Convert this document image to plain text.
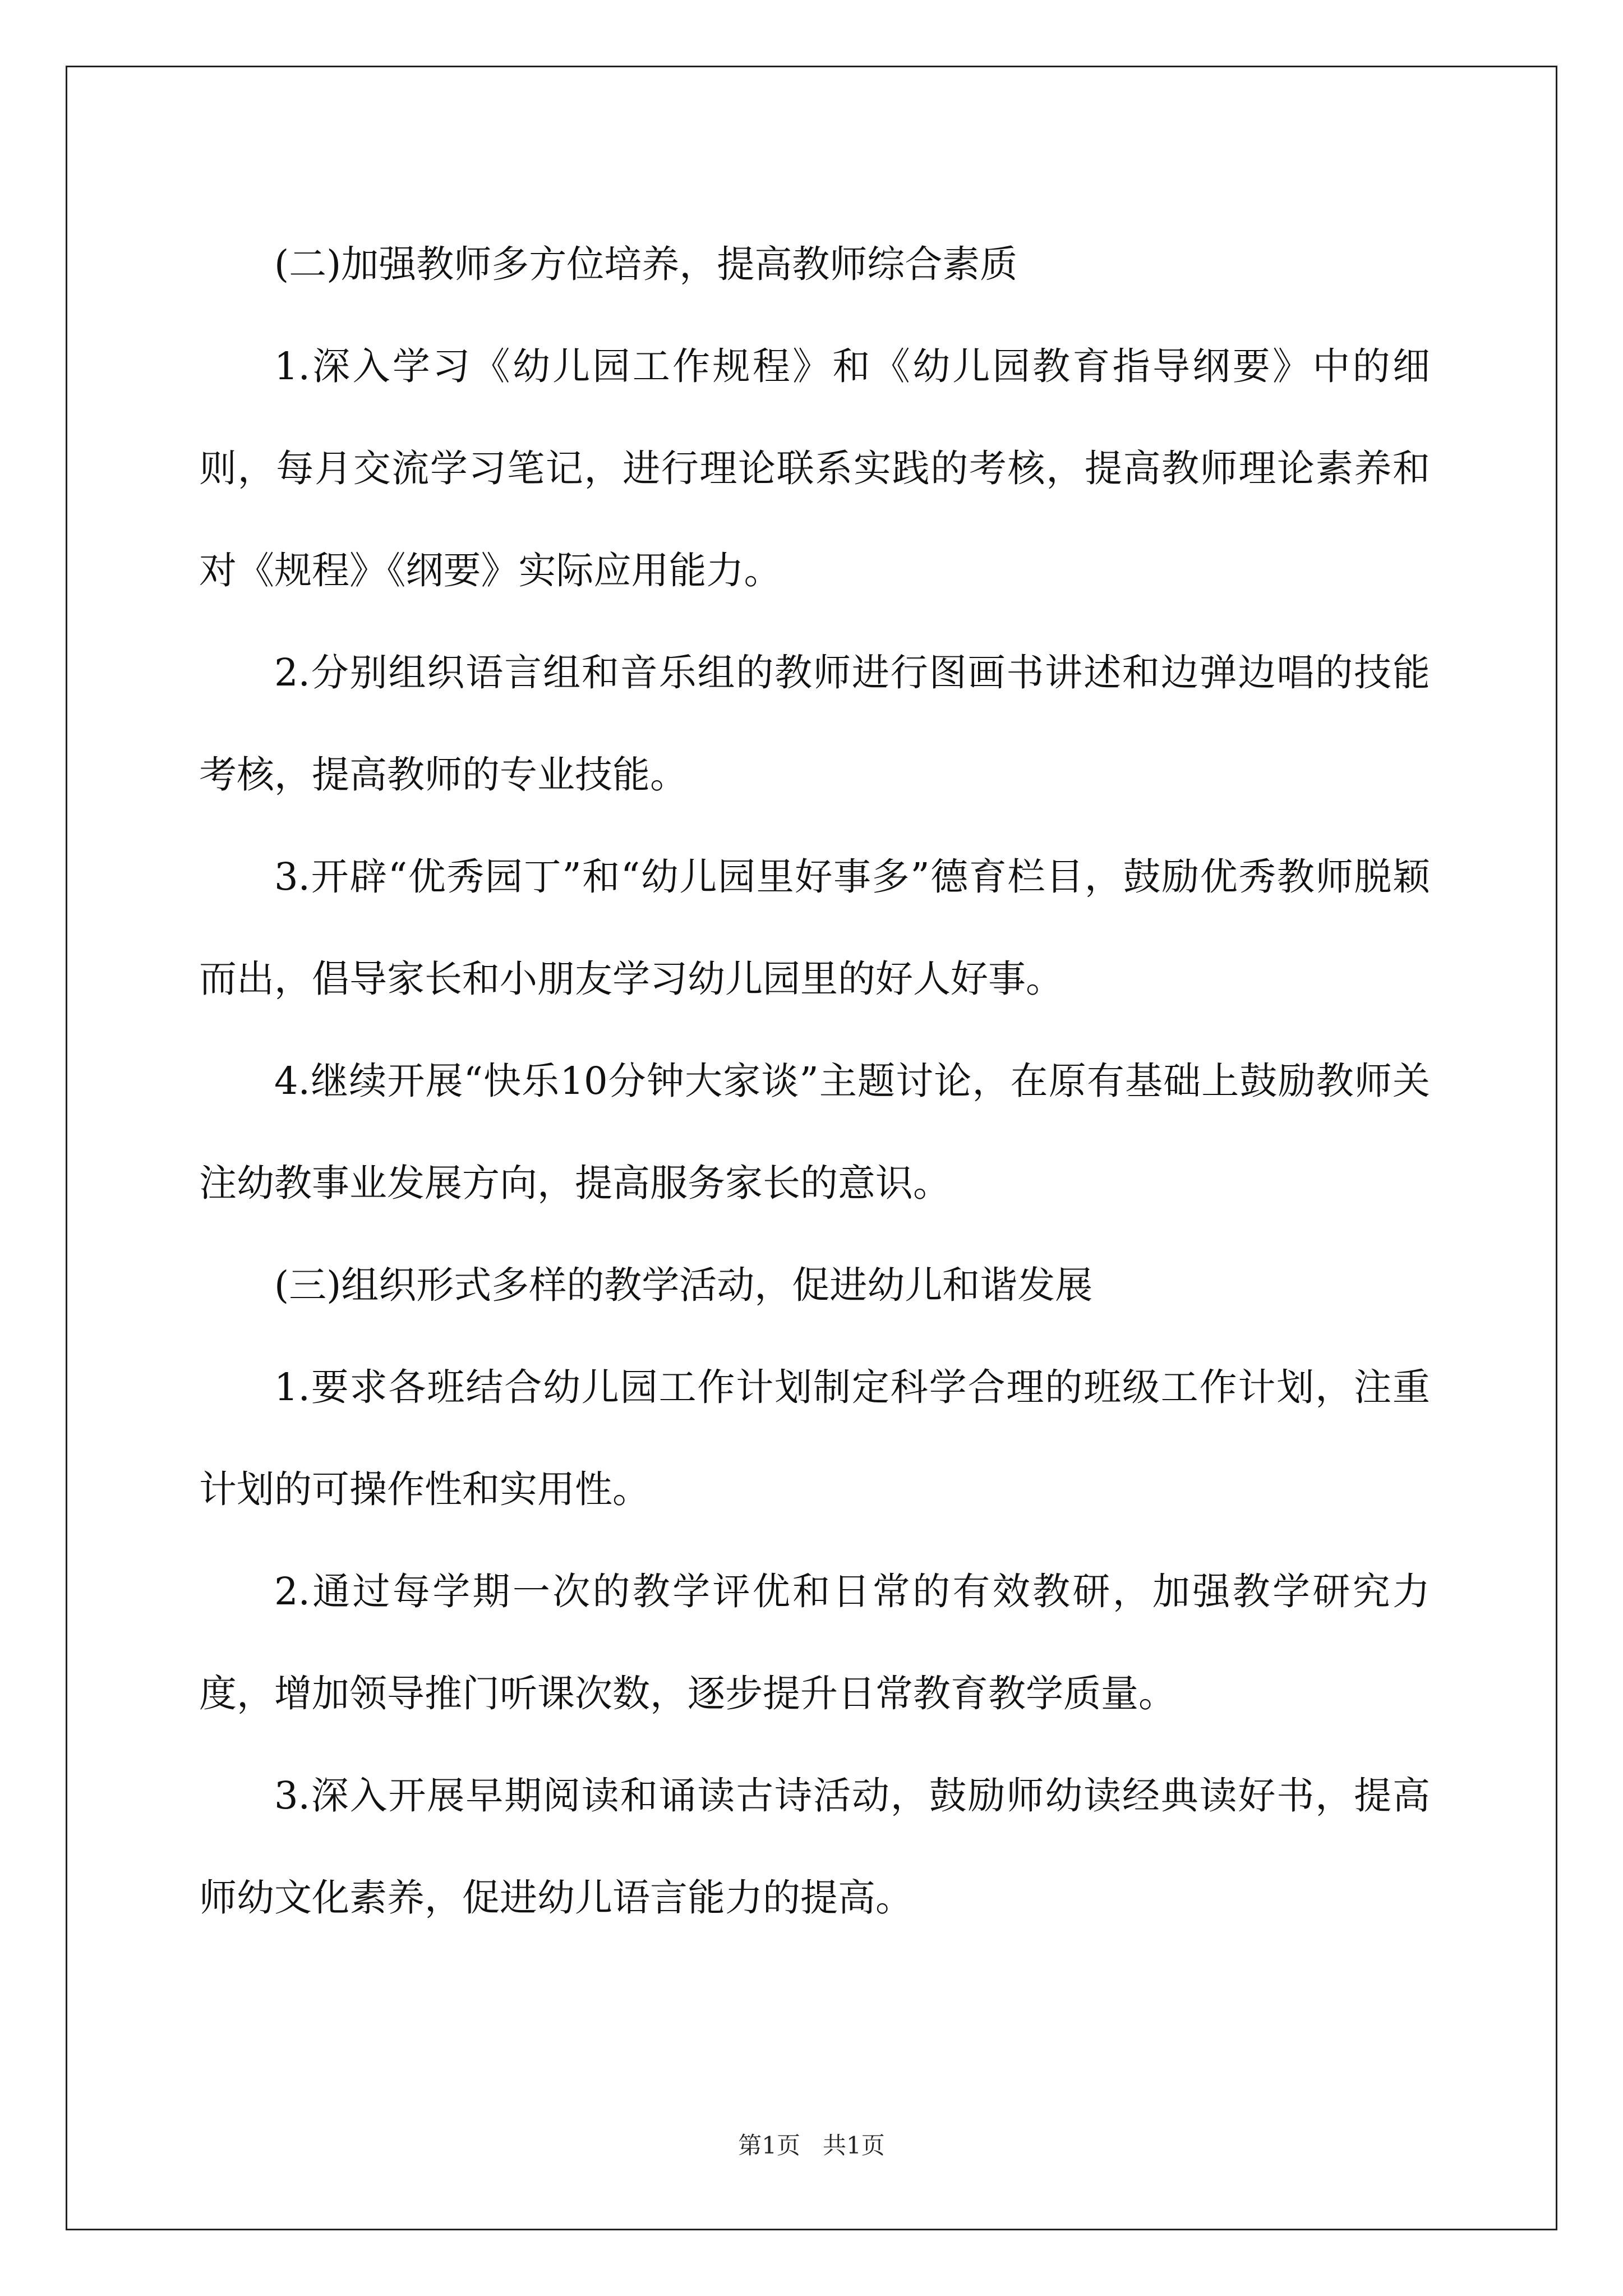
(二)加强教师多方位培养，提高教师综合素质

1.深入学习《幼儿园工作规程》和《幼儿园教育指导纲要》中的细则，每月交流学习笔记，进行理论联系实践的考核，提高教师理论素养和对《规程》《纲要》实际应用能力。

2.分别组织语言组和音乐组的教师进行图画书讲述和边弹边唱的技能考核，提高教师的专业技能。

3.开辟“优秀园丁”和“幼儿园里好事多”德育栏目，鼓励优秀教师脱颖而出，倡导家长和小朋友学习幼儿园里的好人好事。

4.继续开展“快乐10分钟大家谈”主题讨论，在原有基础上鼓励教师关注幼教事业发展方向，提高服务家长的意识。

(三)组织形式多样的教学活动，促进幼儿和谐发展

1.要求各班结合幼儿园工作计划制定科学合理的班级工作计划，注重计划的可操作性和实用性。

2.通过每学期一次的教学评优和日常的有效教研，加强教学研究力度，增加领导推门听课次数，逐步提升日常教育教学质量。

3.深入开展早期阅读和诵读古诗活动，鼓励师幼读经典读好书，提高师幼文化素养，促进幼儿语言能力的提高。

第1页 共1页
